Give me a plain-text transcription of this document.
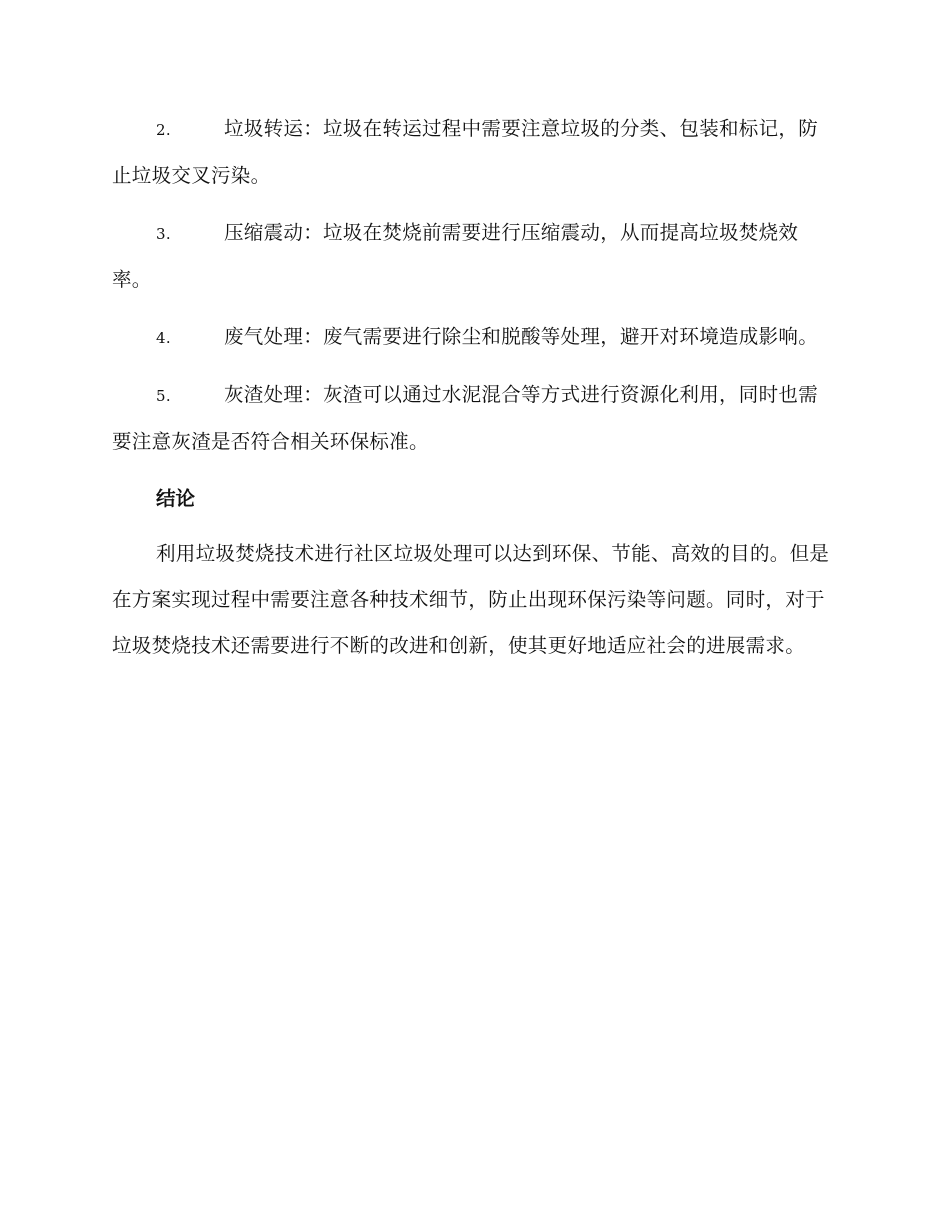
2.	垃圾转运：垃圾在转运过程中需要注意垃圾的分类、包装和标记，防止垃圾交叉污染。

3.	压缩震动：垃圾在焚烧前需要进行压缩震动，从而提高垃圾焚烧效率。

4.	废气处理：废气需要进行除尘和脱酸等处理，避开对环境造成影响。

5.	灰渣处理：灰渣可以通过水泥混合等方式进行资源化利用，同时也需要注意灰渣是否符合相关环保标准。

结论

利用垃圾焚烧技术进行社区垃圾处理可以达到环保、节能、高效的目的。但是在方案实现过程中需要注意各种技术细节，防止出现环保污染等问题。同时，对于垃圾焚烧技术还需要进行不断的改进和创新，使其更好地适应社会的进展需求。
